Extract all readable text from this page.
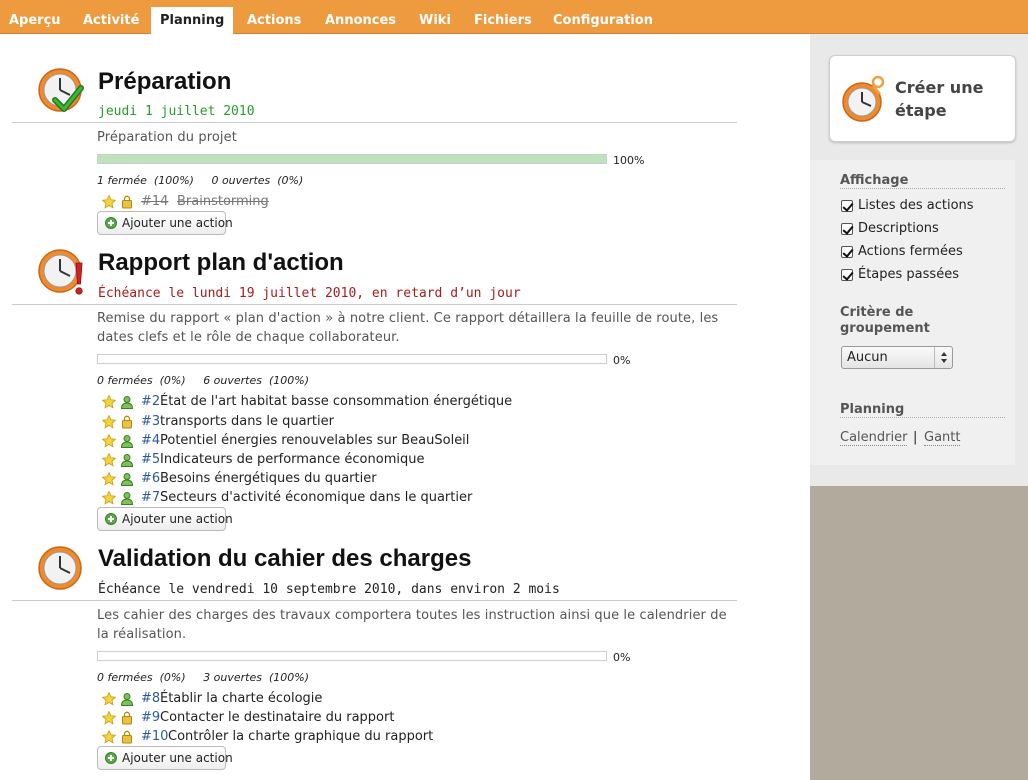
Aperçu	Activité	Planning	Actions	Annonces	Wiki	Fichiers	Configuration
Préparation
jeudi 1 juillet 2010
Préparation du projet
100%
1 fermée (100%) 0 ouvertes (0%)
#14 Brainstorming
Ajouter une action
Rapport plan d'action
Échéance le lundi 19 juillet 2010, en retard d’un jour
Remise du rapport « plan d'action » à notre client. Ce rapport détaillera la feuille de route, les dates clefs et le rôle de chaque collaborateur.
0%
0 fermées (0%) 6 ouvertes (100%)
#2 État de l'art habitat basse consommation énergétique
#3 transports dans le quartier
#4 Potentiel énergies renouvelables sur BeauSoleil
#5 Indicateurs de performance économique
#6 Besoins énergétiques du quartier
#7 Secteurs d'activité économique dans le quartier
Ajouter une action
Validation du cahier des charges
Échéance le vendredi 10 septembre 2010, dans environ 2 mois
Les cahier des charges des travaux comportera toutes les instruction ainsi que le calendrier de la réalisation.
0%
0 fermées (0%) 3 ouvertes (100%)
#8 Établir la charte écologie
#9 Contacter le destinataire du rapport
#10 Contrôler la charte graphique du rapport
Ajouter une action
Créer une étape
Affichage
Listes des actions
Descriptions
Actions fermées
Étapes passées
Critère de groupement
Aucun
Planning
Calendrier | Gantt
